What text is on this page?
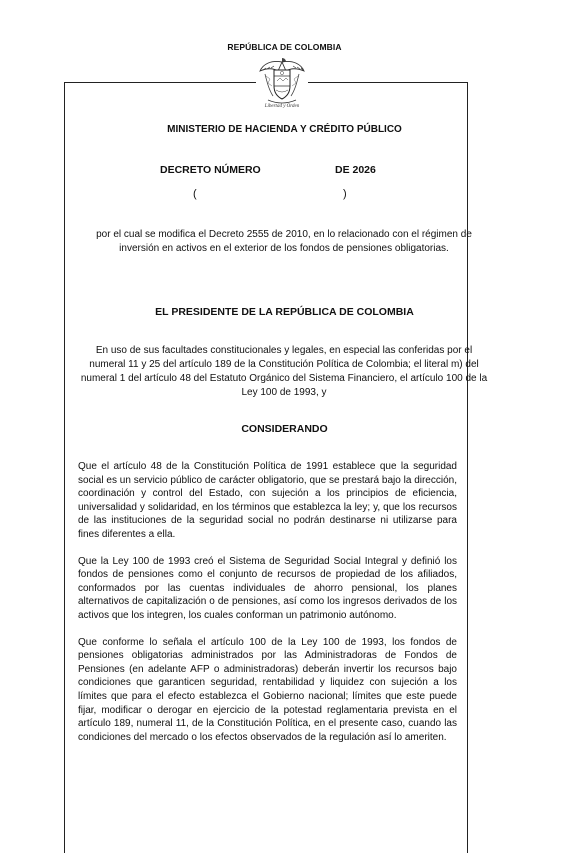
REPÚBLICA DE COLOMBIA
Libertad y Orden
MINISTERIO DE HACIENDA Y CRÉDITO PÚBLICO
DECRETO NÚMERO	DE 2026
(	)
por el cual se modifica el Decreto 2555 de 2010, en lo relacionado con el régimen de inversión en activos en el exterior de los fondos de pensiones obligatorias.
EL PRESIDENTE DE LA REPÚBLICA DE COLOMBIA
En uso de sus facultades constitucionales y legales, en especial las conferidas por el numeral 11 y 25 del artículo 189 de la Constitución Política de Colombia; el literal m) del numeral 1 del artículo 48 del Estatuto Orgánico del Sistema Financiero, el artículo 100 de la Ley 100 de 1993, y
CONSIDERANDO

Que el artículo 48 de la Constitución Política de 1991 establece que la seguridad social es un servicio público de carácter obligatorio, que se prestará bajo la dirección, coordinación y control del Estado, con sujeción a los principios de eficiencia, universalidad y solidaridad, en los términos que establezca la ley; y, que los recursos de las instituciones de la seguridad social no podrán destinarse ni utilizarse para fines diferentes a ella.

Que la Ley 100 de 1993 creó el Sistema de Seguridad Social Integral y definió los fondos de pensiones como el conjunto de recursos de propiedad de los afiliados, conformados por las cuentas individuales de ahorro pensional, los planes alternativos de capitalización o de pensiones, así como los ingresos derivados de los activos que los integren, los cuales conforman un patrimonio autónomo.

Que conforme lo señala el artículo 100 de la Ley 100 de 1993, los fondos de pensiones obligatorias administrados por las Administradoras de Fondos de Pensiones (en adelante AFP o administradoras) deberán invertir los recursos bajo condiciones que garanticen seguridad, rentabilidad y liquidez con sujeción a los límites que para el efecto establezca el Gobierno nacional; límites que este puede fijar, modificar o derogar en ejercicio de la potestad reglamentaria prevista en el artículo 189, numeral 11, de la Constitución Política, en el presente caso, cuando las condiciones del mercado o los efectos observados de la regulación así lo ameriten.
